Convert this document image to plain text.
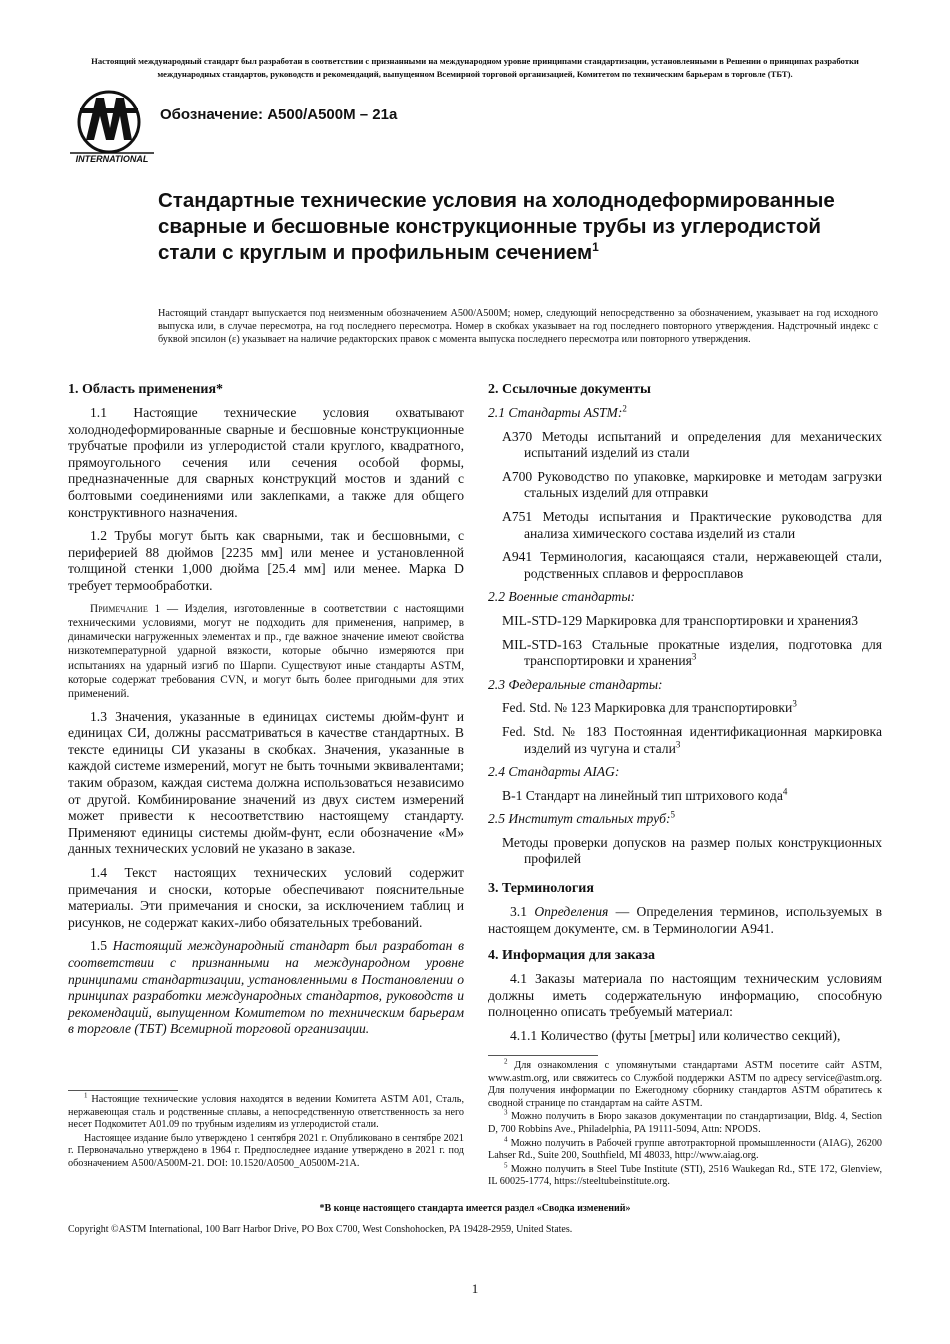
Настоящий международный стандарт был разработан в соответствии с признанными на международном уровне принципами стандартизации, установленными в Решении о принципах разработки международных стандартов, руководств и рекомендаций, выпущенном Всемирной торговой организацией, Комитетом по техническим барьерам в торговле (ТБТ).
INTERNATIONAL
Обозначение: A500/A500M – 21a
Стандартные технические условия на холоднодеформированные сварные и бесшовные конструкционные трубы из углеродистой стали с круглым и профильным сечением$^1$

Настоящий стандарт выпускается под неизменным обозначением A500/A500M; номер, следующий непосредственно за обозначением, указывает на год исходного выпуска или, в случае пересмотра, на год последнего пересмотра. Номер в скобках указывает на год последнего повторного утверждения. Надстрочный индекс с буквой эпсилон (ε) указывает на наличие редакторских правок с момента выпуска последнего пересмотра или повторного утверждения.

1. Область применения*

1.1 Настоящие технические условия охватывают холоднодеформированные сварные и бесшовные конструкционные трубчатые профили из углеродистой стали круглого, квадратного, прямоугольного сечения или сечения особой формы, предназначенные для сварных конструкций мостов и зданий с болтовыми соединениями или заклепками, а также для общего конструктивного назначения.

1.2 Трубы могут быть как сварными, так и бесшовными, с периферией 88 дюймов [2235 мм] или менее и установленной толщиной стенки 1,000 дюйма [25.4 мм] или менее. Марка D требует термообработки.

Примечание 1 — Изделия, изготовленные в соответствии с настоящими техническими условиями, могут не подходить для применения, например, в динамически нагруженных элементах и пр., где важное значение имеют свойства низкотемпературной ударной вязкости, которые обычно измеряются при испытаниях на ударный изгиб по Шарпи. Существуют иные стандарты ASTM, которые содержат требования CVN, и могут быть более пригодными для этих применений.

1.3 Значения, указанные в единицах системы дюйм-фунт и единицах СИ, должны рассматриваться в качестве стандартных. В тексте единицы СИ указаны в скобках. Значения, указанные в каждой системе измерений, могут не быть точными эквивалентами; таким образом, каждая система должна использоваться независимо от другой. Комбинирование значений из двух систем измерений может привести к несоответствию настоящему стандарту. Применяют единицы системы дюйм-фунт, если обозначение «M» данных технических условий не указано в заказе.

1.4 Текст настоящих технических условий содержит примечания и сноски, которые обеспечивают пояснительные материалы. Эти примечания и сноски, за исключением таблиц и рисунков, не содержат каких-либо обязательных требований.

1.5 Настоящий международный стандарт был разработан в соответствии с признанными на международном уровне принципами стандартизации, установленными в Постановлении о принципах разработки международных стандартов, руководств и рекомендаций, выпущенном Комитетом по техническим барьерам в торговле (ТБТ) Всемирной торговой организации.

$^1$ Настоящие технические условия находятся в ведении Комитета ASTM A01, Сталь, нержавеющая сталь и родственные сплавы, а непосредственную ответственность за него несет Подкомитет A01.09 по трубным изделиям из углеродистой стали.

Настоящее издание было утверждено 1 сентября 2021 г. Опубликовано в сентябре 2021 г. Первоначально утверждено в 1964 г. Предпоследнее издание утверждено в 2021 г. под обозначением A500/A500M-21. DOI: 10.1520/A0500_A0500M-21A.

2. Ссылочные документы

2.1 Стандарты ASTM:$^2$

A370 Методы испытаний и определения для механических испытаний изделий из стали

A700 Руководство по упаковке, маркировке и методам загрузки стальных изделий для отправки

A751 Методы испытания и Практические руководства для анализа химического состава изделий из стали

A941 Терминология, касающаяся стали, нержавеющей стали, родственных сплавов и ферросплавов

2.2 Военные стандарты:

MIL-STD-129 Маркировка для транспортировки и хранения3

MIL-STD-163 Стальные прокатные изделия, подготовка для транспортировки и хранения$^3$

2.3 Федеральные стандарты:

Fed. Std. № 123 Маркировка для транспортировки$^3$

Fed. Std. № 183 Постоянная идентификационная маркировка изделий из чугуна и стали$^3$

2.4 Стандарты AIAG:

B-1 Стандарт на линейный тип штрихового кода$^4$

2.5 Институт стальных труб:$^5$

Методы проверки допусков на размер полых конструкционных профилей

3. Терминология

3.1 Определения — Определения терминов, используемых в настоящем документе, см. в Терминологии A941.

4. Информация для заказа

4.1 Заказы материала по настоящим техническим условиям должны иметь содержательную информацию, способную полноценно описать требуемый материал:

4.1.1 Количество (футы [метры] или количество секций),

$^2$ Для ознакомления с упомянутыми стандартами ASTM посетите сайт ASTM, www.astm.org, или свяжитесь со Службой поддержки ASTM по адресу service@astm.org. Для получения информации по Ежегодному сборнику стандартов ASTM обратитесь к сводной странице по стандартам на сайте ASTM.

$^3$ Можно получить в Бюро заказов документации по стандартизации, Bldg. 4, Section D, 700 Robbins Ave., Philadelphia, PA 19111-5094, Attn: NPODS.

$^4$ Можно получить в Рабочей группе автотракторной промышленности (AIAG), 26200 Lahser Rd., Suite 200, Southfield, MI 48033, http://www.aiag.org.

$^5$ Можно получить в Steel Tube Institute (STI), 2516 Waukegan Rd., STE 172, Glenview, IL 60025-1774, https://steeltubeinstitute.org.

*В конце настоящего стандарта имеется раздел «Сводка изменений»
Copyright ©ASTM International, 100 Barr Harbor Drive, PO Box C700, West Conshohocken, PA 19428-2959, United States.
1
